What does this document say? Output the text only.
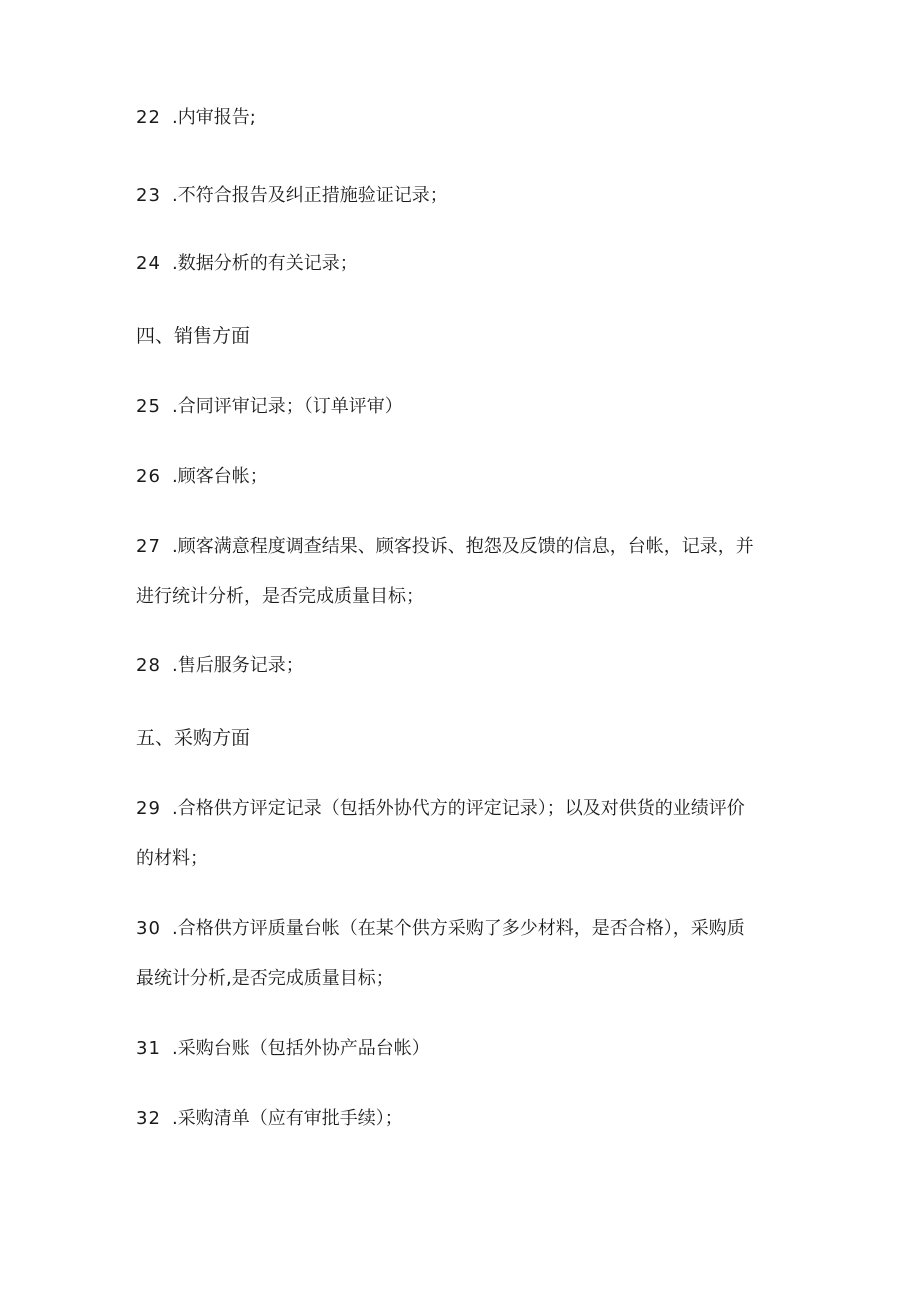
22 .内审报告;
23 .不符合报告及纠正措施验证记录；
24 .数据分析的有关记录；
四、销售方面
25 .合同评审记录；（订单评审）
26 .顾客台帐；
27 .顾客满意程度调查结果、顾客投诉、抱怨及反馈的信息，台帐，记录，并
进行统计分析，是否完成质量目标；
28 .售后服务记录；
五、采购方面
29 .合格供方评定记录（包括外协代方的评定记录）；以及对供货的业绩评价
的材料；
30 .合格供方评质量台帐（在某个供方采购了多少材料，是否合格），采购质
最统计分析,是否完成质量目标；
31 .采购台账（包括外协产品台帐）
32 .采购清单（应有审批手续）；
